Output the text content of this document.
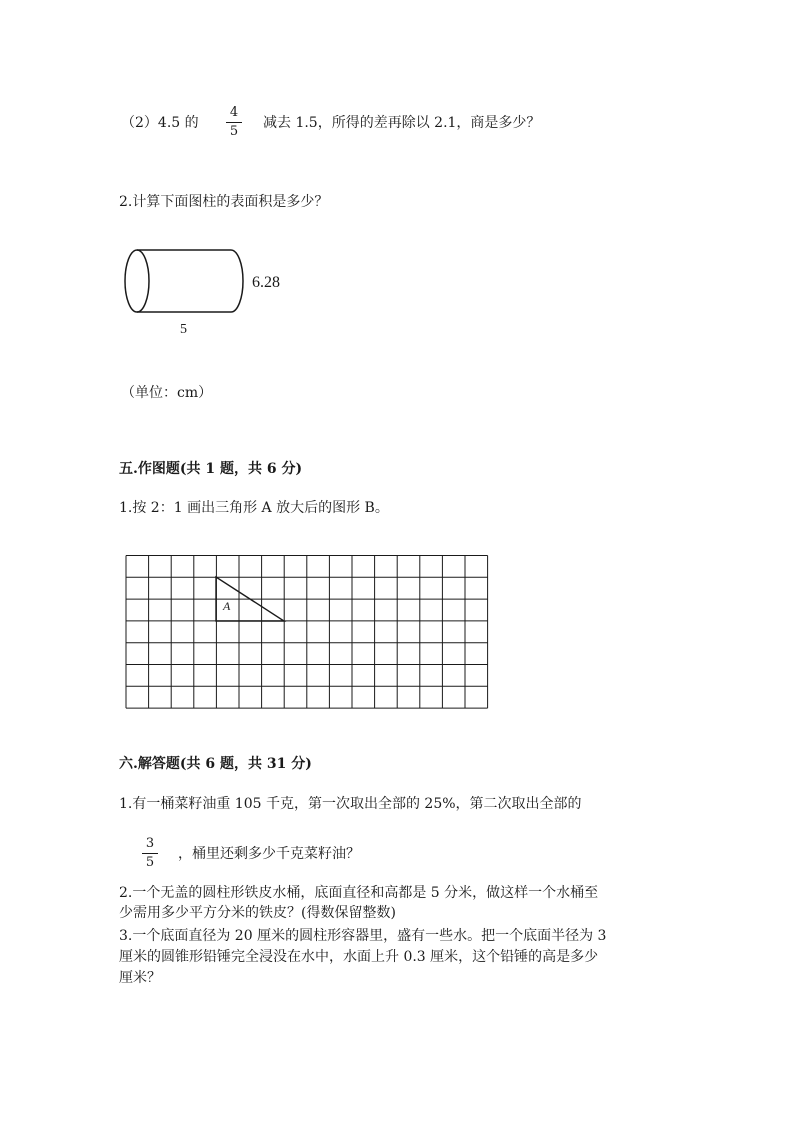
（2）4.5 的
4
5
减去 1.5，所得的差再除以 2.1，商是多少？
2.计算下面图柱的表面积是多少？
6.28
5
（单位：cm）
五.作图题(共 1 题，共 6 分)
1.按 2：1 画出三角形 A 放大后的图形 B。
A
六.解答题(共 6 题，共 31 分)
1.有一桶菜籽油重 105 千克，第一次取出全部的 25%，第二次取出全部的
3
5
，桶里还剩多少千克菜籽油？
2.一个无盖的圆柱形铁皮水桶，底面直径和高都是 5 分米，做这样一个水桶至
少需用多少平方分米的铁皮？(得数保留整数)
3.一个底面直径为 20 厘米的圆柱形容器里，盛有一些水。把一个底面半径为 3
厘米的圆锥形铅锤完全浸没在水中，水面上升 0.3 厘米，这个铅锤的高是多少
厘米？
